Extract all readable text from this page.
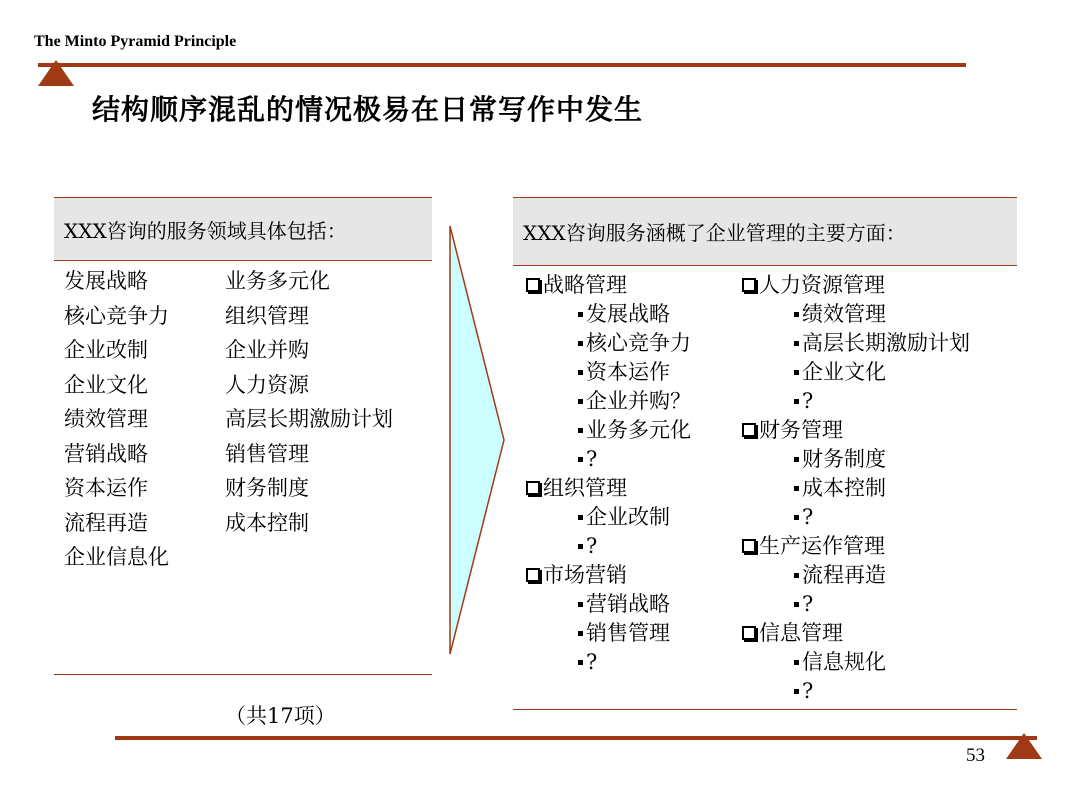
The Minto Pyramid Principle
结构顺序混乱的情况极易在日常写作中发生
XXX咨询的服务领域具体包括：
发展战略
核心竞争力
企业改制
企业文化
绩效管理
营销战略
资本运作
流程再造
企业信息化
业务多元化
组织管理
企业并购
人力资源
高层长期激励计划
销售管理
财务制度
成本控制
（共17项）
XXX咨询服务涵概了企业管理的主要方面：
战略管理
发展战略
核心竞争力
资本运作
企业并购？
业务多元化
?
组织管理
企业改制
?
市场营销
营销战略
销售管理
?
人力资源管理
绩效管理
高层长期激励计划
企业文化
?
财务管理
财务制度
成本控制
?
生产运作管理
流程再造
?
信息管理
信息规化
?
53
